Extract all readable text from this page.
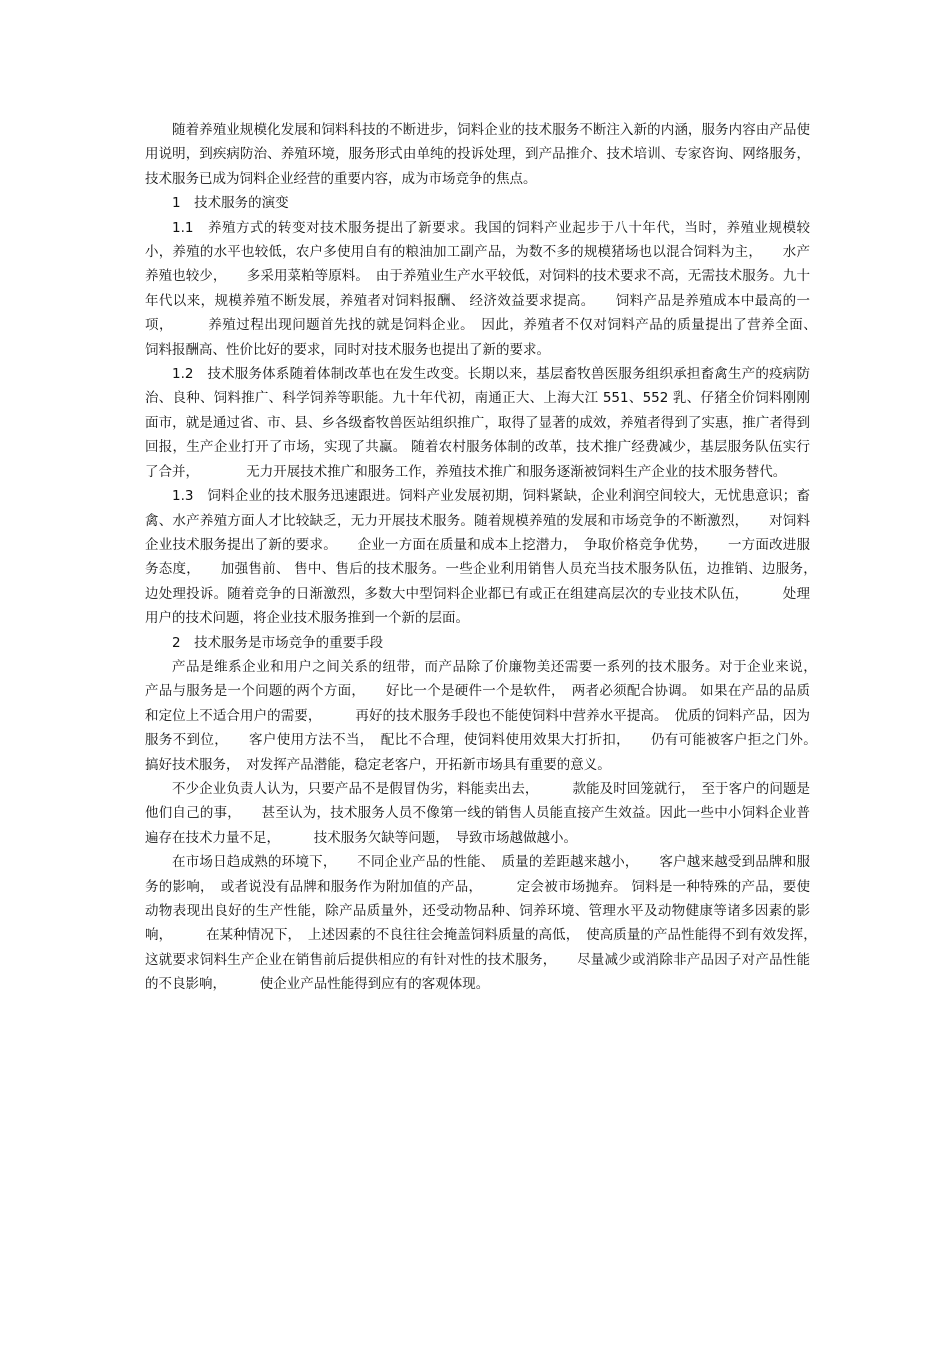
随着养殖业规模化发展和饲料科技的不断进步，饲料企业的技术服务不断注入新的内涵，服务内容由产品使用说明，到疾病防治、养殖环境，服务形式由单纯的投诉处理，到产品推介、技术培训、专家咨询、网络服务，技术服务已成为饲料企业经营的重要内容，成为市场竞争的焦点。

1　技术服务的演变

1.1　养殖方式的转变对技术服务提出了新要求。我国的饲料产业起步于八十年代，当时，养殖业规模较小，养殖的水平也较低，农户多使用自有的粮油加工副产品，为数不多的规模猪场也以混合饲料为主，　　水产养殖也较少，　　多采用菜粕等原料。　由于养殖业生产水平较低，对饲料的技术要求不高，无需技术服务。九十年代以来，规模养殖不断发展，养殖者对饲料报酬、 经济效益要求提高。　　饲料产品是养殖成本中最高的一项，　　　养殖过程出现问题首先找的就是饲料企业。　因此，养殖者不仅对饲料产品的质量提出了营养全面、　　　饲料报酬高、性价比好的要求，同时对技术服务也提出了新的要求。

1.2　技术服务体系随着体制改革也在发生改变。长期以来，基层畜牧兽医服务组织承担畜禽生产的疫病防治、良种、饲料推广、科学饲养等职能。九十年代初，南通正大、上海大江 551、552 乳、仔猪全价饲料刚刚面市，就是通过省、市、县、乡各级畜牧兽医站组织推广，取得了显著的成效，养殖者得到了实惠，推广者得到回报，生产企业打开了市场，实现了共赢。 随着农村服务体制的改革，技术推广经费减少，基层服务队伍实行了合并，　　　　无力开展技术推广和服务工作，养殖技术推广和服务逐渐被饲料生产企业的技术服务替代。

1.3　饲料企业的技术服务迅速跟进。饲料产业发展初期，饲料紧缺，企业利润空间较大，无忧患意识；畜禽、水产养殖方面人才比较缺乏，无力开展技术服务。随着规模养殖的发展和市场竞争的不断激烈，　　对饲料企业技术服务提出了新的要求。　　企业一方面在质量和成本上挖潜力，　争取价格竞争优势，　　一方面改进服务态度，　　加强售前、 售中、售后的技术服务。一些企业利用销售人员充当技术服务队伍，边推销、边服务，　　　边处理投诉。随着竞争的日渐激烈，多数大中型饲料企业都已有或正在组建高层次的专业技术队伍，　　　处理用户的技术问题，将企业技术服务推到一个新的层面。

2　技术服务是市场竞争的重要手段

产品是维系企业和用户之间关系的纽带，而产品除了价廉物美还需要一系列的技术服务。对于企业来说，　产品与服务是一个问题的两个方面，　　好比一个是硬件一个是软件，　两者必须配合协调。 如果在产品的品质和定位上不适合用户的需要，　　　再好的技术服务手段也不能使饲料中营养水平提高。　优质的饲料产品，因为服务不到位，　　客户使用方法不当，　配比不合理，使饲料使用效果大打折扣，　　仍有可能被客户拒之门外。　搞好技术服务，　对发挥产品潜能，稳定老客户，开拓新市场具有重要的意义。

不少企业负责人认为，只要产品不是假冒伪劣，料能卖出去，　　　款能及时回笼就行，　至于客户的问题是他们自己的事，　　甚至认为，技术服务人员不像第一线的销售人员能直接产生效益。因此一些中小饲料企业普遍存在技术力量不足，　　　技术服务欠缺等问题，　导致市场越做越小。

在市场日趋成熟的环境下，　　不同企业产品的性能、　质量的差距越来越小，　　客户越来越受到品牌和服务的影响，　或者说没有品牌和服务作为附加值的产品，　　　定会被市场抛弃。 饲料是一种特殊的产品，要使动物表现出良好的生产性能，除产品质量外，还受动物品种、饲养环境、管理水平及动物健康等诸多因素的影响，　　　在某种情况下，　上述因素的不良往往会掩盖饲料质量的高低，　使高质量的产品性能得不到有效发挥，　　这就要求饲料生产企业在销售前后提供相应的有针对性的技术服务，　　尽量减少或消除非产品因子对产品性能的不良影响，　　　使企业产品性能得到应有的客观体现。
